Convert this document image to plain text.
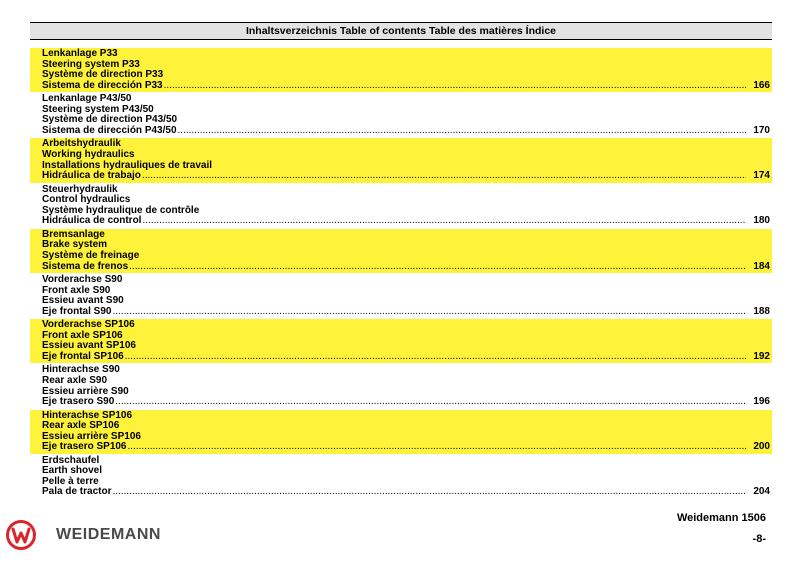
Inhaltsverzeichnis Table of contents Table des matières Índice
Lenkanlage P33
Steering system P33
Système de direction P33
Sistema de dirección P33 .....	166
Lenkanlage P43/50
Steering system P43/50
Système de direction P43/50
Sistema de dirección P43/50 .....	170
Arbeitshydraulik
Working hydraulics
Installations hydrauliques de travail
Hidráulica de trabajo .....	174
Steuerhydraulik
Control hydraulics
Système hydraulique de contrôle
Hidráulica de control .....	180
Bremsanlage
Brake system
Système de freinage
Sistema de frenos .....	184
Vorderachse S90
Front axle S90
Essieu avant S90
Eje frontal S90 .....	188
Vorderachse SP106
Front axle SP106
Essieu avant SP106
Eje frontal SP106 .....	192
Hinterachse S90
Rear axle S90
Essieu arrière S90
Eje trasero S90 .....	196
Hinterachse SP106
Rear axle SP106
Essieu arrière SP106
Eje trasero SP106 .....	200
Erdschaufel
Earth shovel
Pelle à terre
Pala de tractor .....	204
WEIDEMANN
Weidemann 1506
-8-
